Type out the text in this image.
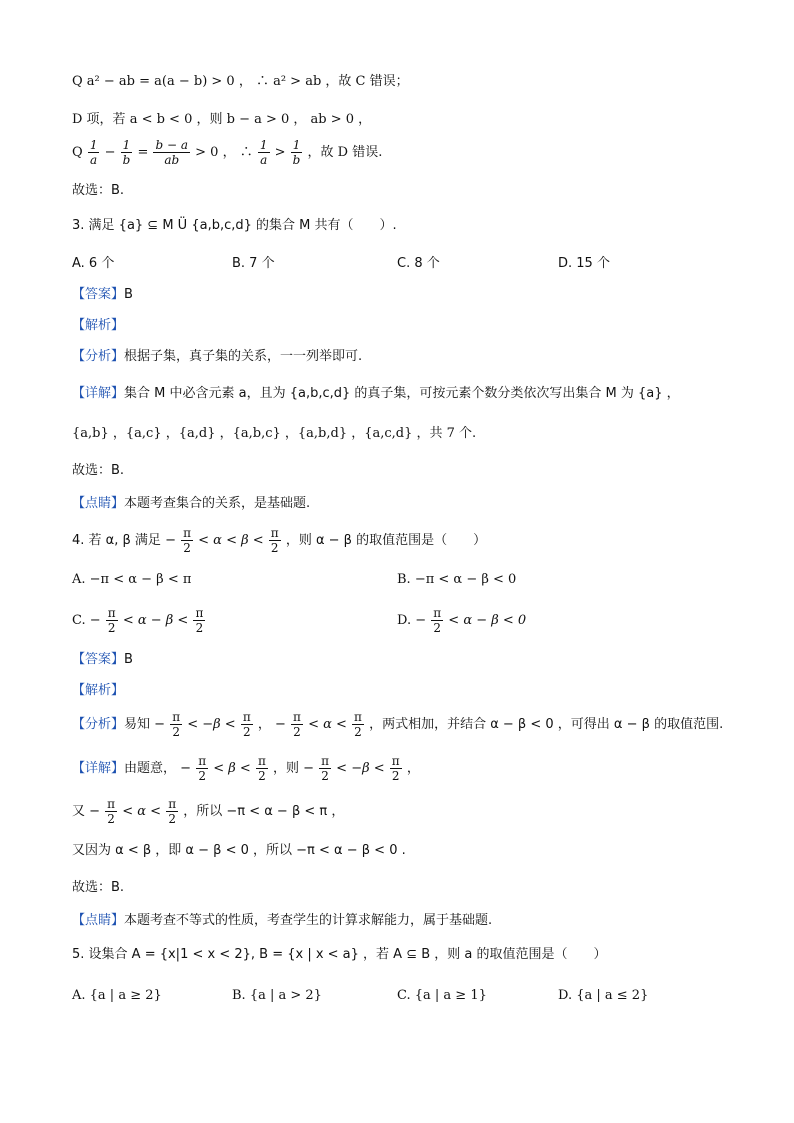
Q a² − ab = a(a − b) > 0 ， ∴ a² > ab ，故 C 错误；
D 项，若 a < b < 0 ，则 b − a > 0 ， ab > 0 ，
Q $\frac{1}{a} - \frac{1}{b} = \frac{b - a}{ab} > 0$ ， ∴ $\frac{1}{a} > \frac{1}{b}$ ，故 D 错误.
故选：B.
3. 满足 {a} ⊆ M Ü {a,b,c,d} 的集合 M 共有（　　）.
A. 6 个	B. 7 个	C. 8 个	D. 15 个
【答案】B
【解析】
【分析】根据子集，真子集的关系，一一列举即可.
【详解】集合 M 中必含元素 a，且为 {a,b,c,d} 的真子集，可按元素个数分类依次写出集合 M 为 {a} ，
{a,b} ，{a,c} ，{a,d} ，{a,b,c} ，{a,b,d} ，{a,c,d} ，共 7 个.
故选：B.
【点睛】本题考查集合的关系，是基础题.
4. 若 α, β 满足 − $\frac{\pi}{2} < \alpha < \beta < \frac{\pi}{2}$ ，则 α − β 的取值范围是（　　）
A. −π < α − β < π	B. −π < α − β < 0
C. − $\frac{\pi}{2} < \alpha - \beta < \frac{\pi}{2}$	D. − $\frac{\pi}{2} < \alpha - \beta < 0$
【答案】B
【解析】
【分析】易知 − $\frac{\pi}{2} < -\beta < \frac{\pi}{2}$ ， − $\frac{\pi}{2} < \alpha < \frac{\pi}{2}$ ，两式相加，并结合 α − β < 0 ，可得出 α − β 的取值范围.
【详解】由题意， − $\frac{\pi}{2} < \beta < \frac{\pi}{2}$ ，则 − $\frac{\pi}{2} < -\beta < \frac{\pi}{2}$ ，
又 − $\frac{\pi}{2} < \alpha < \frac{\pi}{2}$ ，所以 −π < α − β < π ，
又因为 α < β ，即 α − β < 0 ，所以 −π < α − β < 0 .
故选：B.
【点睛】本题考查不等式的性质，考查学生的计算求解能力，属于基础题.
5. 设集合 A = {x|1 < x < 2}, B = {x | x < a} ，若 A ⊆ B ，则 a 的取值范围是（　　）
A. {a | a ≥ 2}	B. {a | a > 2}	C. {a | a ≥ 1}	D. {a | a ≤ 2}
